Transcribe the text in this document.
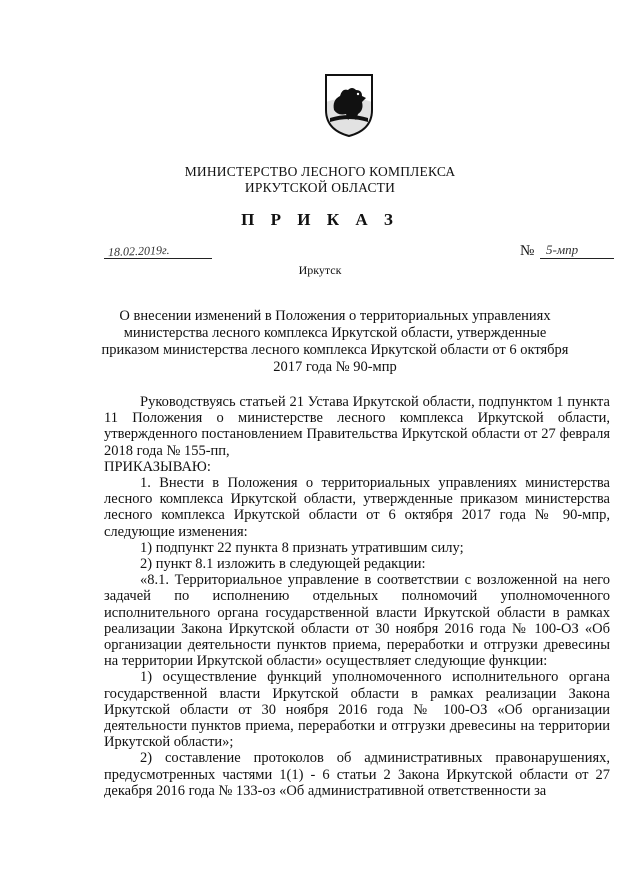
МИНИСТЕРСТВО ЛЕСНОГО КОМПЛЕКСА
ИРКУТСКОЙ ОБЛАСТИ
П Р И К А З
18.02.2019г.	№ 5-мпр
Иркутск
О внесении изменений в Положения о территориальных управлениях министерства лесного комплекса Иркутской области, утвержденные приказом министерства лесного комплекса Иркутской области от 6 октября 2017 года № 90-мпр

Руководствуясь статьей 21 Устава Иркутской области, подпунктом 1 пункта 11 Положения о министерстве лесного комплекса Иркутской области, утвержденного постановлением Правительства Иркутской области от 27 февраля 2018 года № 155-пп,

ПРИКАЗЫВАЮ:

1. Внести в Положения о территориальных управлениях министерства лесного комплекса Иркутской области, утвержденные приказом министерства лесного комплекса Иркутской области от 6 октября 2017 года № 90-мпр, следующие изменения:

1) подпункт 22 пункта 8 признать утратившим силу;

2) пункт 8.1 изложить в следующей редакции:

«8.1. Территориальное управление в соответствии с возложенной на него задачей по исполнению отдельных полномочий уполномоченного исполнительного органа государственной власти Иркутской области в рамках реализации Закона Иркутской области от 30 ноября 2016 года № 100-ОЗ «Об организации деятельности пунктов приема, переработки и отгрузки древесины на территории Иркутской области» осуществляет следующие функции:

1) осуществление функций уполномоченного исполнительного органа государственной власти Иркутской области в рамках реализации Закона Иркутской области от 30 ноября 2016 года № 100-ОЗ «Об организации деятельности пунктов приема, переработки и отгрузки древесины на территории Иркутской области»;

2) составление протоколов об административных правонарушениях, предусмотренных частями 1(1) - 6 статьи 2 Закона Иркутской области от 27 декабря 2016 года № 133-оз «Об административной ответственности за
